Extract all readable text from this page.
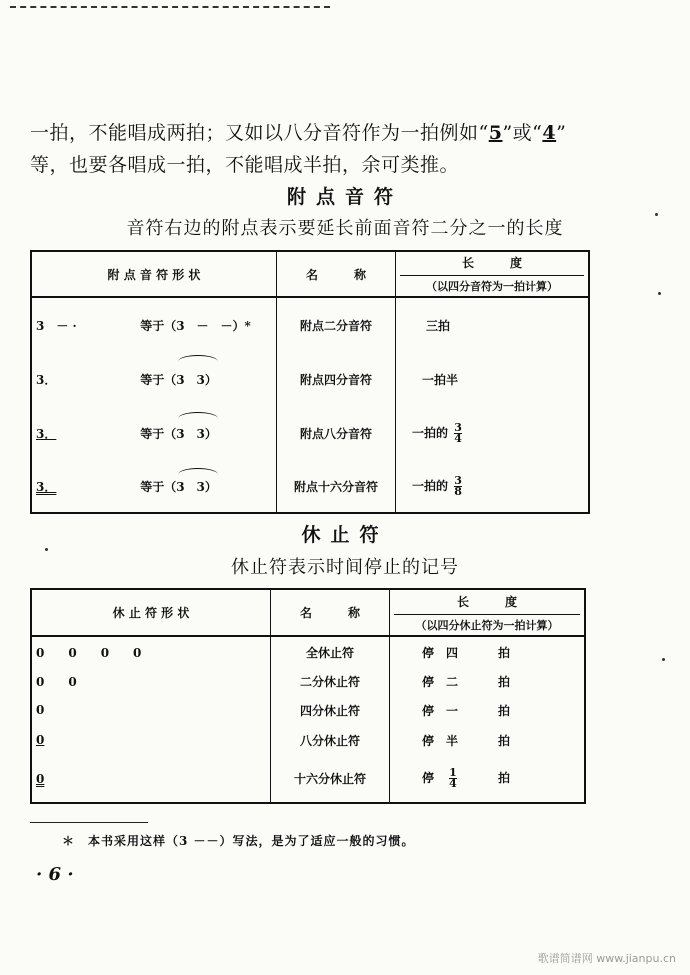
一拍，不能唱成两拍；又如以八分音符作为一拍例如“5”或“4”
等，也要各唱成一拍，不能唱成半拍，余可类推。
附点音符
音符右边的附点表示要延长前面音符二分之一的长度
附 点 音 符 形 状	名　　　称	长　　　度
（以四分音符为一拍计算）

3　－ · 等于（3　－　－）*	附点二分音符	三拍
3． 等于（3　3）	附点四分音符	一拍半
3． 等于（3　3）	附点八分音符	一拍的 $\frac{3}{4}$

3． 等于（3　3）	附点十六分音符	一拍的 $\frac{3}{8}$
休止符
休止符表示时间停止的记号
休 止 符 形 状	名　　　称	长　　　度
（以四分休止符为一拍计算）

0　　0　　0　　0	全休止符	停 四 拍
0　　0	二分休止符	停 二 拍
0	四分休止符	停 一 拍
0	八分休止符	停 半 拍
0	十六分休止符	停 $\frac{1}{4}$ 拍
＊　本书采用这样（3 －－）写法，是为了适应一般的习惯。
· 6 ·
歌谱简谱网 www.jianpu.cn
